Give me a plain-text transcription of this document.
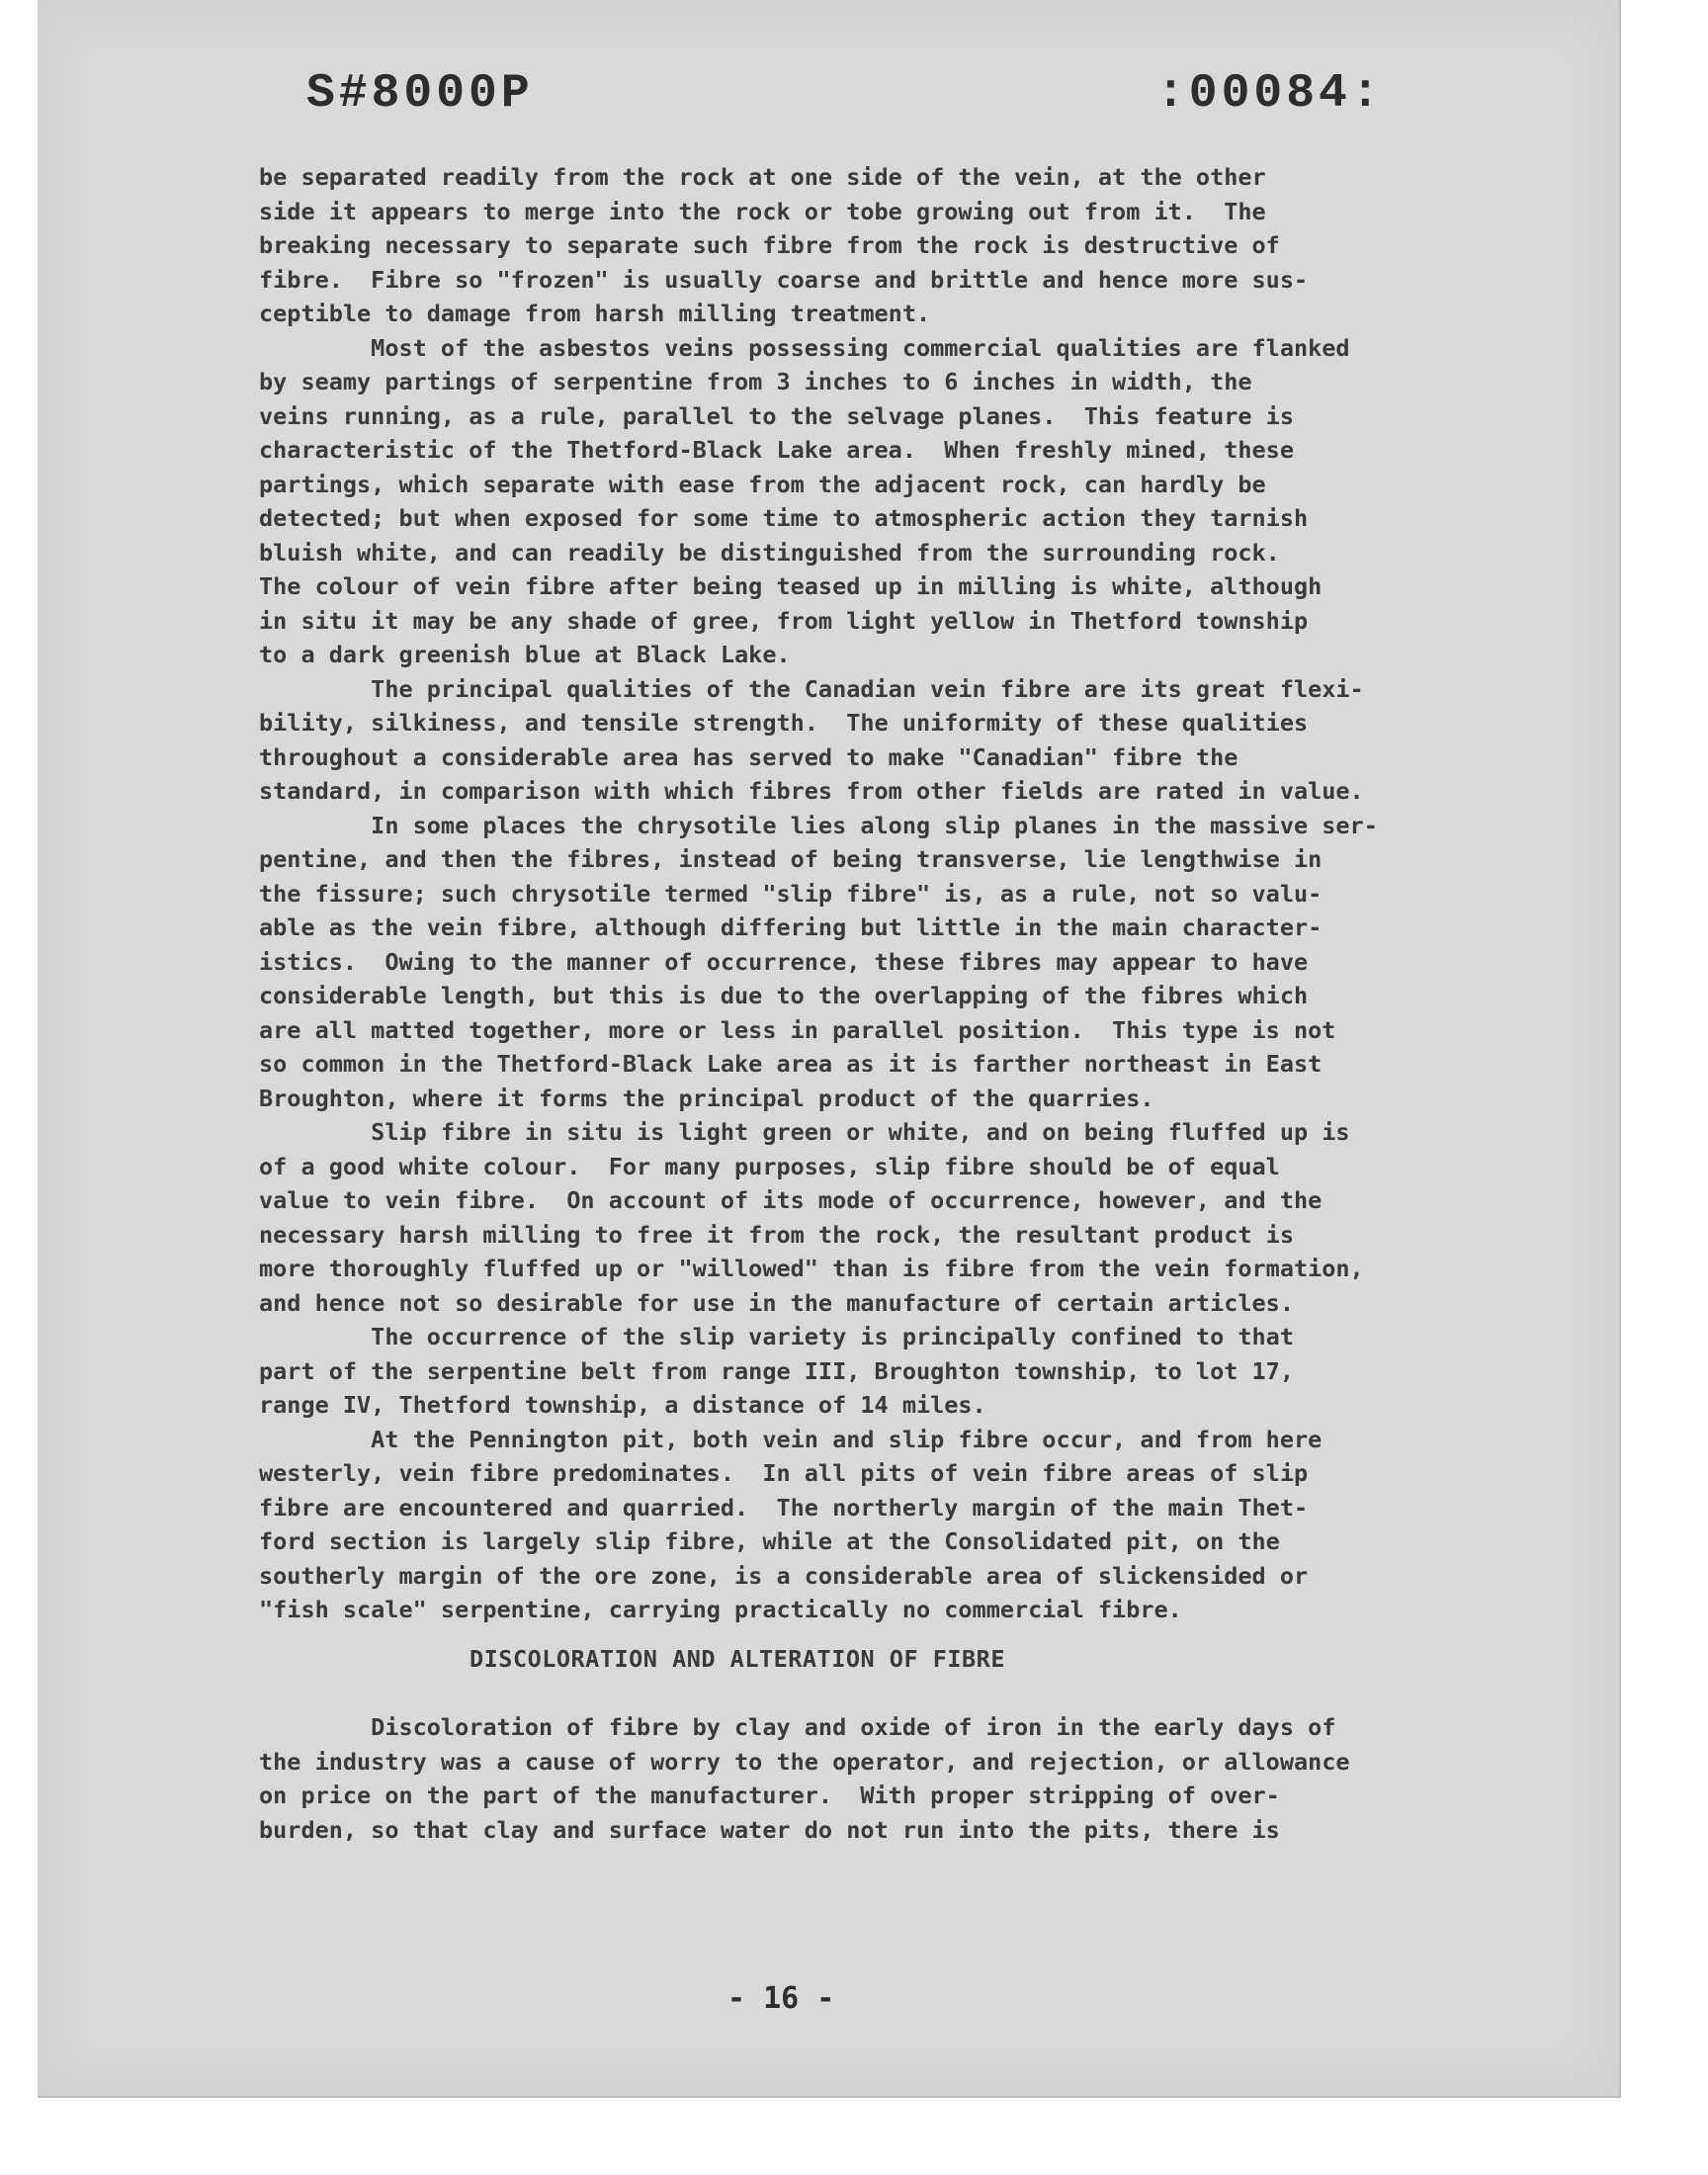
S#8000P	:00084:
be separated readily from the rock at one side of the vein, at the other
side it appears to merge into the rock or tobe growing out from it.  The
breaking necessary to separate such fibre from the rock is destructive of
fibre.  Fibre so "frozen" is usually coarse and brittle and hence more sus-
ceptible to damage from harsh milling treatment.
Most of the asbestos veins possessing commercial qualities are flanked
by seamy partings of serpentine from 3 inches to 6 inches in width, the
veins running, as a rule, parallel to the selvage planes.  This feature is
characteristic of the Thetford-Black Lake area.  When freshly mined, these
partings, which separate with ease from the adjacent rock, can hardly be
detected; but when exposed for some time to atmospheric action they tarnish
bluish white, and can readily be distinguished from the surrounding rock.
The colour of vein fibre after being teased up in milling is white, although
in situ it may be any shade of gree, from light yellow in Thetford township
to a dark greenish blue at Black Lake.
The principal qualities of the Canadian vein fibre are its great flexi-
bility, silkiness, and tensile strength.  The uniformity of these qualities
throughout a considerable area has served to make "Canadian" fibre the
standard, in comparison with which fibres from other fields are rated in value.
In some places the chrysotile lies along slip planes in the massive ser-
pentine, and then the fibres, instead of being transverse, lie lengthwise in
the fissure; such chrysotile termed "slip fibre" is, as a rule, not so valu-
able as the vein fibre, although differing but little in the main character-
istics.  Owing to the manner of occurrence, these fibres may appear to have
considerable length, but this is due to the overlapping of the fibres which
are all matted together, more or less in parallel position.  This type is not
so common in the Thetford-Black Lake area as it is farther northeast in East
Broughton, where it forms the principal product of the quarries.
Slip fibre in situ is light green or white, and on being fluffed up is
of a good white colour.  For many purposes, slip fibre should be of equal
value to vein fibre.  On account of its mode of occurrence, however, and the
necessary harsh milling to free it from the rock, the resultant product is
more thoroughly fluffed up or "willowed" than is fibre from the vein formation,
and hence not so desirable for use in the manufacture of certain articles.
The occurrence of the slip variety is principally confined to that
part of the serpentine belt from range III, Broughton township, to lot 17,
range IV, Thetford township, a distance of 14 miles.
At the Pennington pit, both vein and slip fibre occur, and from here
westerly, vein fibre predominates.  In all pits of vein fibre areas of slip
fibre are encountered and quarried.  The northerly margin of the main Thet-
ford section is largely slip fibre, while at the Consolidated pit, on the
southerly margin of the ore zone, is a considerable area of slickensided or
"fish scale" serpentine, carrying practically no commercial fibre.
DISCOLORATION AND ALTERATION OF FIBRE
Discoloration of fibre by clay and oxide of iron in the early days of
the industry was a cause of worry to the operator, and rejection, or allowance
on price on the part of the manufacturer.  With proper stripping of over-
burden, so that clay and surface water do not run into the pits, there is
- 16 -
